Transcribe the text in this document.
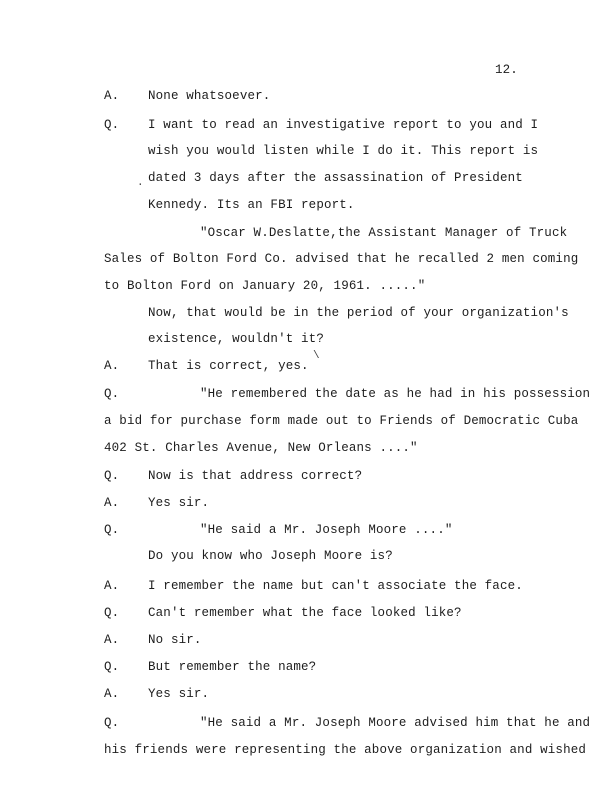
12.
A. None whatsoever.
Q. I want to read an investigative report to you and I
wish you would listen while I do it. This report is
dated 3 days after the assassination of President
Kennedy. Its an FBI report.
"Oscar W.Deslatte,the Assistant Manager of Truck
Sales of Bolton Ford Co. advised that he recalled 2 men coming
to Bolton Ford on January 20, 1961. ....."
Now, that would be in the period of your organization's
existence, wouldn't it?
A. That is correct, yes.
Q.	"He remembered the date as he had in his possession
a bid for purchase form made out to Friends of Democratic Cuba
402 St. Charles Avenue, New Orleans ...."
Q. Now is that address correct?
A. Yes sir.
Q.	"He said a Mr. Joseph Moore ...."
Do you know who Joseph Moore is?
A. I remember the name but can't associate the face.
Q. Can't remember what the face looked like?
A. No sir.
Q. But remember the name?
A. Yes sir.
Q.	"He said a Mr. Joseph Moore advised him that he and
his friends were representing the above organization and wished
.
\
